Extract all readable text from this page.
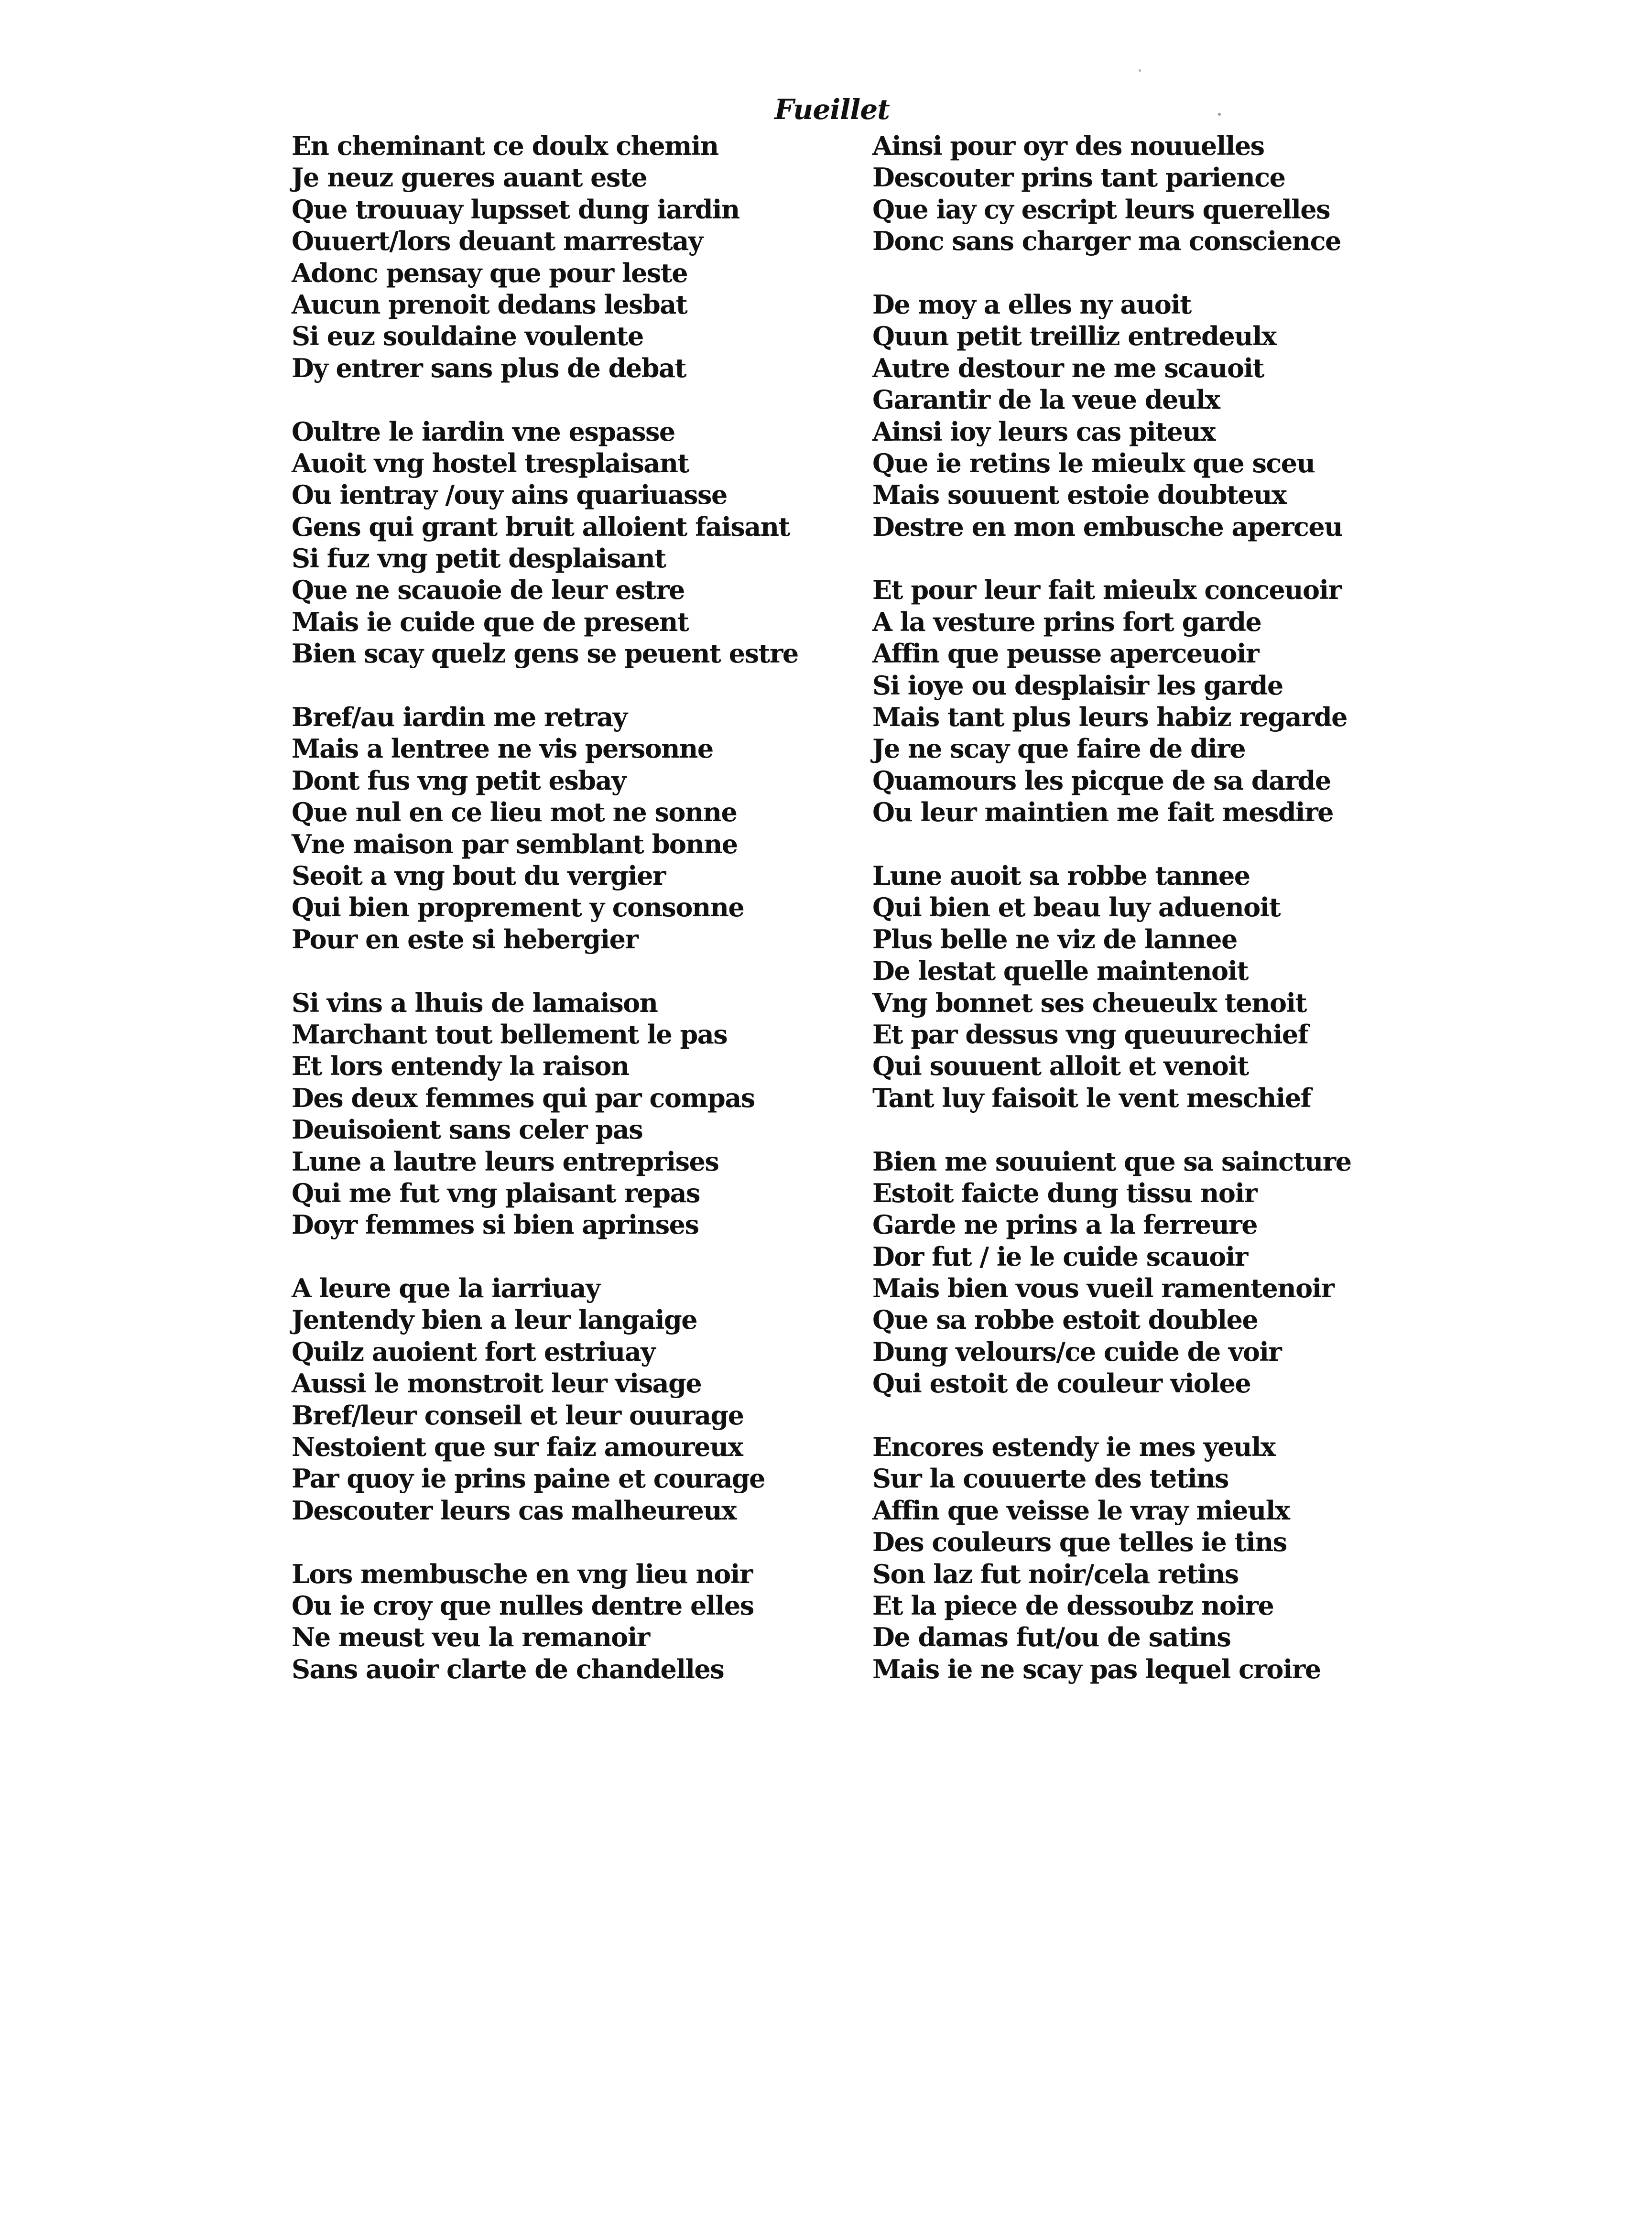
Fueillet
En cheminant ce doulx chemin
Je neuz gueres auant este
Que trouuay lupsset dung iardin
Ouuert/lors deuant marrestay
Adonc pensay que pour leste
Aucun prenoit dedans lesbat
Si euz souldaine voulente
Dy entrer sans plus de debat
Oultre le iardin vne espasse
Auoit vng hostel tresplaisant
Ou ientray /ouy ains quariuasse
Gens qui grant bruit alloient faisant
Si fuz vng petit desplaisant
Que ne scauoie de leur estre
Mais ie cuide que de present
Bien scay quelz gens se peuent estre
Bref/au iardin me retray
Mais a lentree ne vis personne
Dont fus vng petit esbay
Que nul en ce lieu mot ne sonne
Vne maison par semblant bonne
Seoit a vng bout du vergier
Qui bien proprement y consonne
Pour en este si hebergier
Si vins a lhuis de lamaison
Marchant tout bellement le pas
Et lors entendy la raison
Des deux femmes qui par compas
Deuisoient sans celer pas
Lune a lautre leurs entreprises
Qui me fut vng plaisant repas
Doyr femmes si bien aprinses
A leure que la iarriuay
Jentendy bien a leur langaige
Quilz auoient fort estriuay
Aussi le monstroit leur visage
Bref/leur conseil et leur ouurage
Nestoient que sur faiz amoureux
Par quoy ie prins paine et courage
Descouter leurs cas malheureux
Lors membusche en vng lieu noir
Ou ie croy que nulles dentre elles
Ne meust veu la remanoir
Sans auoir clarte de chandelles
Ainsi pour oyr des nouuelles
Descouter prins tant parience
Que iay cy escript leurs querelles
Donc sans charger ma conscience
De moy a elles ny auoit
Quun petit treilliz entredeulx
Autre destour ne me scauoit
Garantir de la veue deulx
Ainsi ioy leurs cas piteux
Que ie retins le mieulx que sceu
Mais souuent estoie doubteux
Destre en mon embusche aperceu
Et pour leur fait mieulx conceuoir
A la vesture prins fort garde
Affin que peusse aperceuoir
Si ioye ou desplaisir les garde
Mais tant plus leurs habiz regarde
Je ne scay que faire de dire
Quamours les picque de sa darde
Ou leur maintien me fait mesdire
Lune auoit sa robbe tannee
Qui bien et beau luy aduenoit
Plus belle ne viz de lannee
De lestat quelle maintenoit
Vng bonnet ses cheueulx tenoit
Et par dessus vng queuurechief
Qui souuent alloit et venoit
Tant luy faisoit le vent meschief
Bien me souuient que sa saincture
Estoit faicte dung tissu noir
Garde ne prins a la ferreure
Dor fut / ie le cuide scauoir
Mais bien vous vueil ramentenoir
Que sa robbe estoit doublee
Dung velours/ce cuide de voir
Qui estoit de couleur violee
Encores estendy ie mes yeulx
Sur la couuerte des tetins
Affin que veisse le vray mieulx
Des couleurs que telles ie tins
Son laz fut noir/cela retins
Et la piece de dessoubz noire
De damas fut/ou de satins
Mais ie ne scay pas lequel croire
